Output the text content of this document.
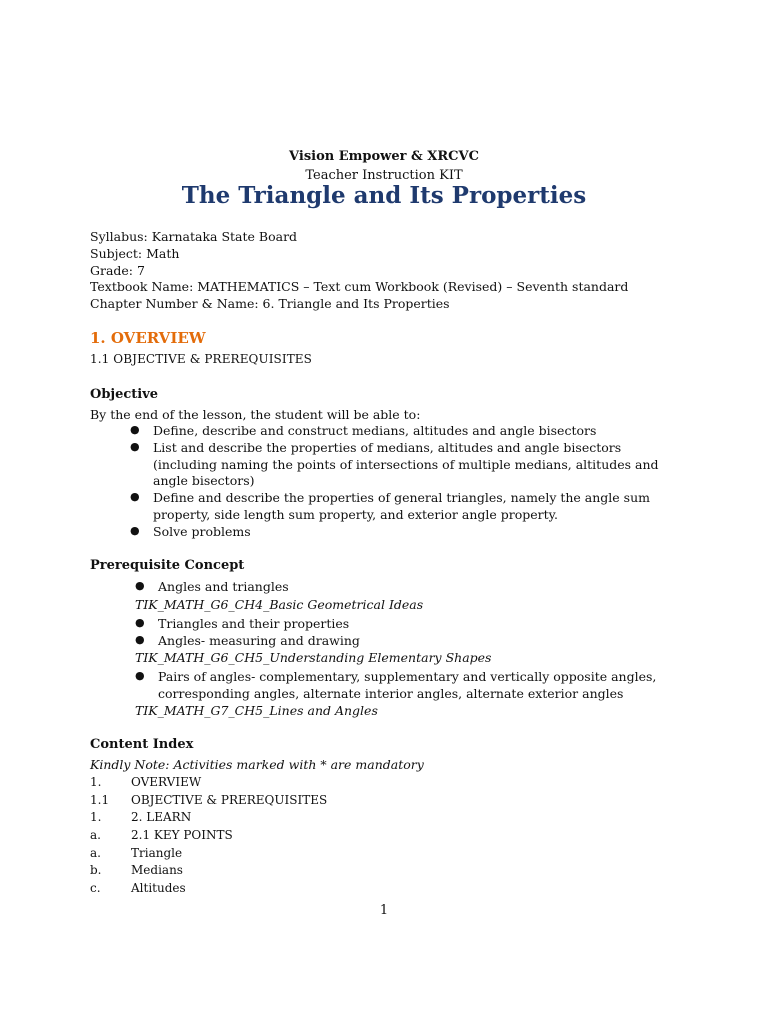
Vision Empower & XRCVC
Teacher Instruction KIT
The Triangle and Its Properties
Syllabus: Karnataka State Board
Subject: Math
Grade: 7
Textbook Name: MATHEMATICS – Text cum Workbook (Revised) – Seventh standard
Chapter Number & Name: 6. Triangle and Its Properties
1. OVERVIEW
1.1 OBJECTIVE & PREREQUISITES
Objective
By the end of the lesson, the student will be able to:
● Define, describe and construct medians, altitudes and angle bisectors
● List and describe the properties of medians, altitudes and angle bisectors
(including naming the points of intersections of multiple medians, altitudes and
angle bisectors)
● Define and describe the properties of general triangles, namely the angle sum
property, side length sum property, and exterior angle property.
● Solve problems
Prerequisite Concept
● Angles and triangles
TIK_MATH_G6_CH4_Basic Geometrical Ideas
● Triangles and their properties
● Angles- measuring and drawing
TIK_MATH_G6_CH5_Understanding Elementary Shapes
● Pairs of angles- complementary, supplementary and vertically opposite angles,
corresponding angles, alternate interior angles, alternate exterior angles
TIK_MATH_G7_CH5_Lines and Angles
Content Index
Kindly Note: Activities marked with * are mandatory
1. OVERVIEW
1.1 OBJECTIVE & PREREQUISITES
1. 2. LEARN
a.	2.1 KEY POINTS
a.	Triangle
b. Medians
c.	Altitudes
1
